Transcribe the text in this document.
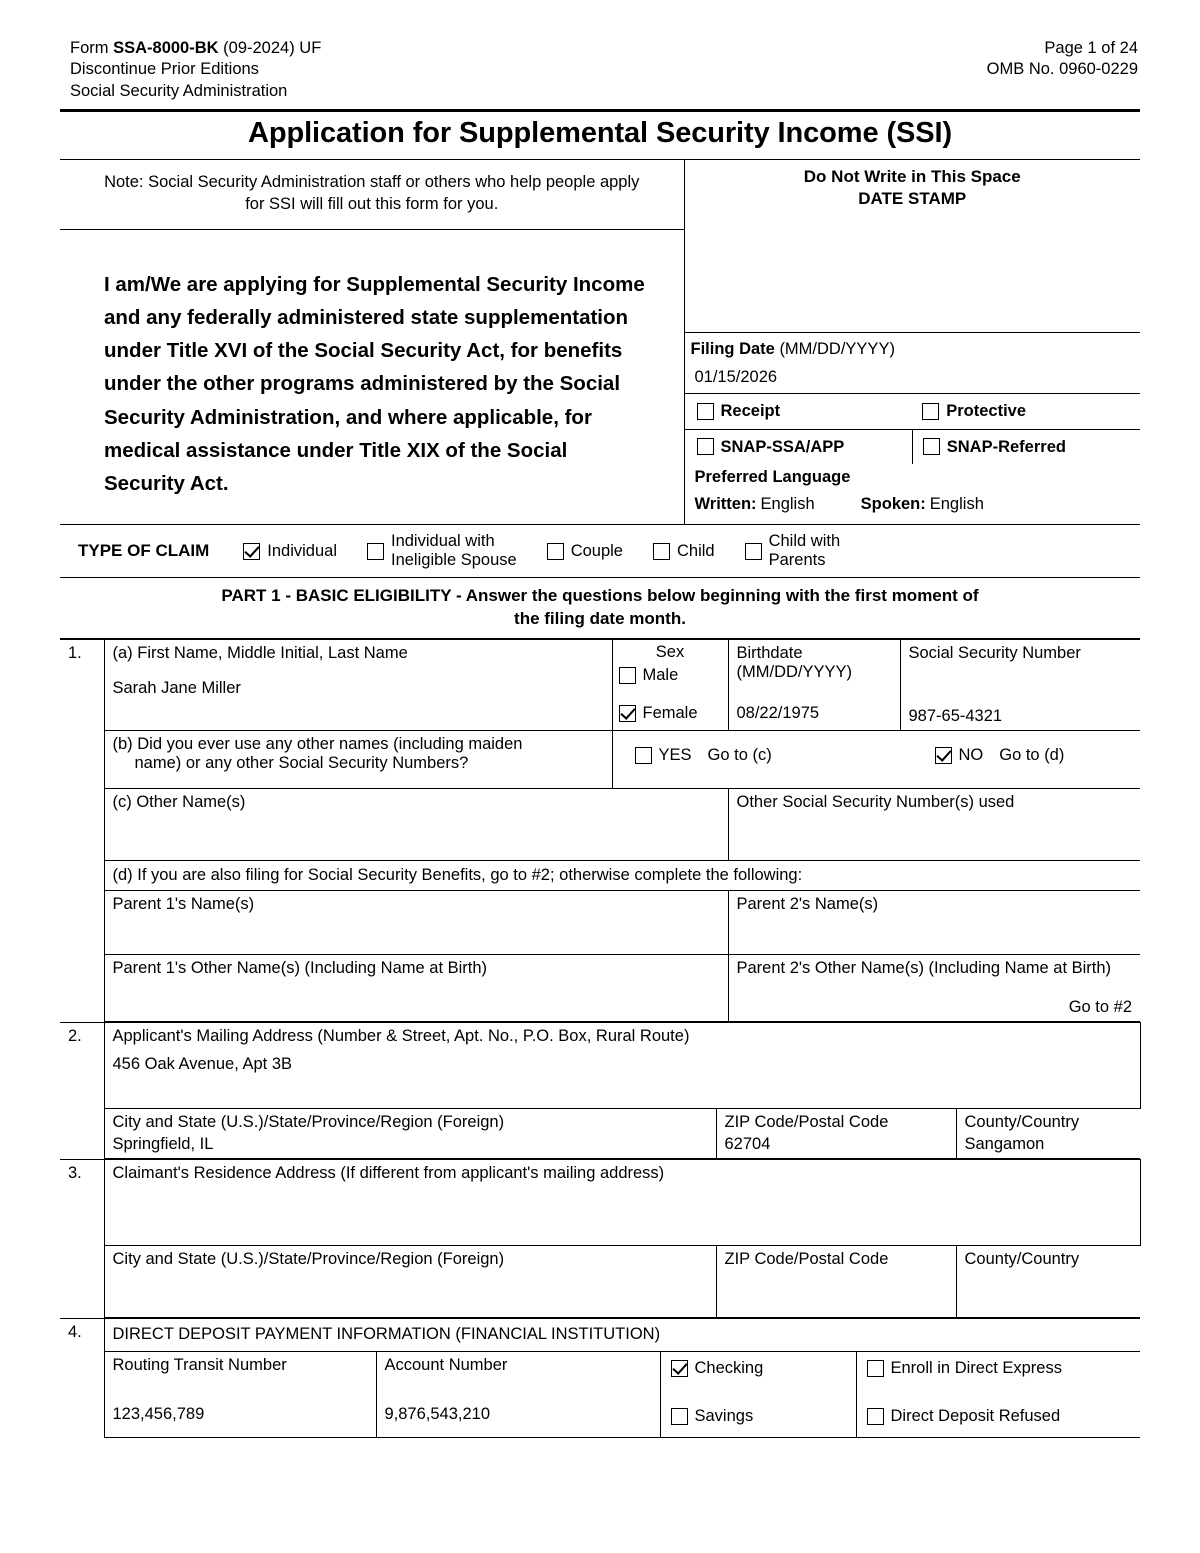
Form SSA-8000-BK (09-2024) UF
Discontinue Prior Editions
Social Security Administration
Page 1 of 24
OMB No. 0960-0229
Application for Supplemental Security Income (SSI)
Note: Social Security Administration staff or others who help people apply
for SSI will fill out this form for you.

Do Not Write in This Space
DATE STAMP
Filing Date (MM/DD/YYYY)
01/15/2026
Receipt	Protective

SNAP-SSA/APP	SNAP-Referred
Preferred Language
Written: English	Spoken: English

I am/We are applying for Supplemental Security Income and any federally administered state supplementation under Title XVI of the Social Security Act, for benefits under the other programs administered by the Social Security Administration, and where applicable, for medical assistance under Title XIX of the Social Security Act.
TYPE OF CLAIM	Individual
Individual with
Ineligible Spouse
Couple	Child
Child with
Parents

PART 1 - BASIC ELIGIBILITY - Answer the questions below beginning with the first moment of
the filing date month.
1.	(a) First Name, Middle Initial, Last Name
Sarah Jane Miller

Sex
Male
Female

Birthdate
(MM/DD/YYYY)
08/22/1975

Social Security Number
987-65-4321

(b) Did you ever use any other names (including maiden
name) or any other Social Security Numbers?	YES Go to (c)	NO Go to (d)

	(c) Other Name(s)		Other Social Security Number(s) used	

	(d) If you are also filing for Social Security Benefits, go to #2; otherwise complete the following:			

	Parent 1's Name(s)		Parent 2's Name(s)	

	Parent 1's Other Name(s) (Including Name at Birth)		Parent 2's Other Name(s) (Including Name at Birth)
Go to #2	
2.	Applicant's Mailing Address (Number & Street, Apt. No., P.O. Box, Rural Route)
456 Oak Avenue, Apt 3B		

City and State (U.S.)/State/Province/Region (Foreign)
Springfield, IL

ZIP Code/Postal Code
62704

County/Country
Sangamon
3.	Claimant's Residence Address (If different from applicant's mailing address)		

	City and State (U.S.)/State/Province/Region (Foreign)	ZIP Code/Postal Code	County/Country
4.	DIRECT DEPOSIT PAYMENT INFORMATION (FINANCIAL INSTITUTION)			

Routing Transit Number
123,456,789

Account Number
9,876,543,210

Checking
Savings

Enroll in Direct Express
Direct Deposit Refused
